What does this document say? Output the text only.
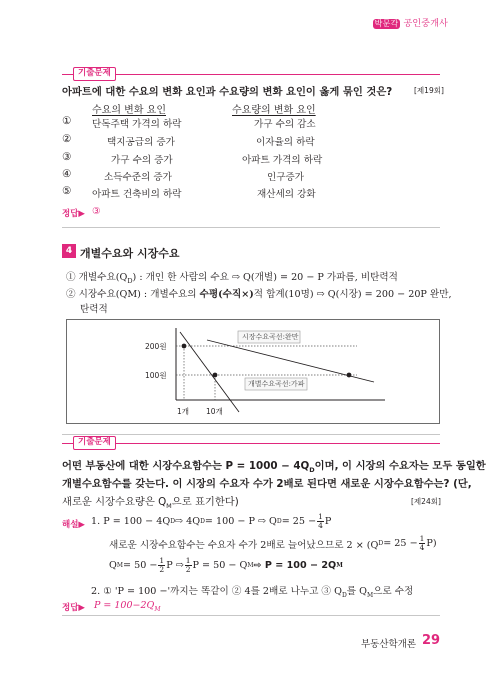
박문각 공인중개사
기출문제
아파트에 대한 수요의 변화 요인과 수요량의 변화 요인이 옳게 묶인 것은?	[제19회]
수요의 변화 요인	수요량의 변화 요인
① 단독주택 가격의 하락	가구 수의 감소
②	택지공급의 증가	이자율의 하락
③	가구 수의 증가	아파트 가격의 하락
④	소득수준의 증가	인구증가
⑤ 아파트 건축비의 하락	재산세의 강화
정답▶ ③
4 개별수요와 시장수요
① 개별수요$(Q_D)$ : 개인 한 사람의 수요 ⇨ Q(개별) = 20 − P 가파름, 비탄력적
② 시장수요(QM) : 개별수요의 수평(수직×)적 합계(10명) ⇨ Q(시장) = 200 − 20P 완만,
탄력적
시장수요곡선:완만
개별수요곡선:가파
200원
100원
1개 10개
기출문제
어떤 부동산에 대한 시장수요함수는 $P = 1000 - 4Q_D$이며, 이 시장의 수요자는 모두 동일한
개별수요함수를 갖는다. 이 시장의 수요자 수가 2배로 된다면 새로운 시장수요함수는? (단,
새로운 시장수요량은 $Q_M$으로 표기한다)	[제24회]
해설▶ 1. P = 100 − 4Q D ⇨ 4Q D = 100 − P ⇨ Q $D = 25 - \frac{1}{4}$ P
새로운 시장수요함수는 수요자 수가 2배로 늘어났으므로 2 × (Q $D = 25 - \frac{1}{4} P$)
Q $M = 50 - \frac{1}{2}$ P ⇨ $\frac{1}{2}$ P = 50 − Q M ⇨ P = 100 − 2Q M
2. ① 'P = 100 −'까지는 똑같이 ② 4를 2배로 나누고 ③ $Q_D$를 $Q_M$으로 수정
정답▶ $P = 100-2Q_M$
부동산학개론 29
